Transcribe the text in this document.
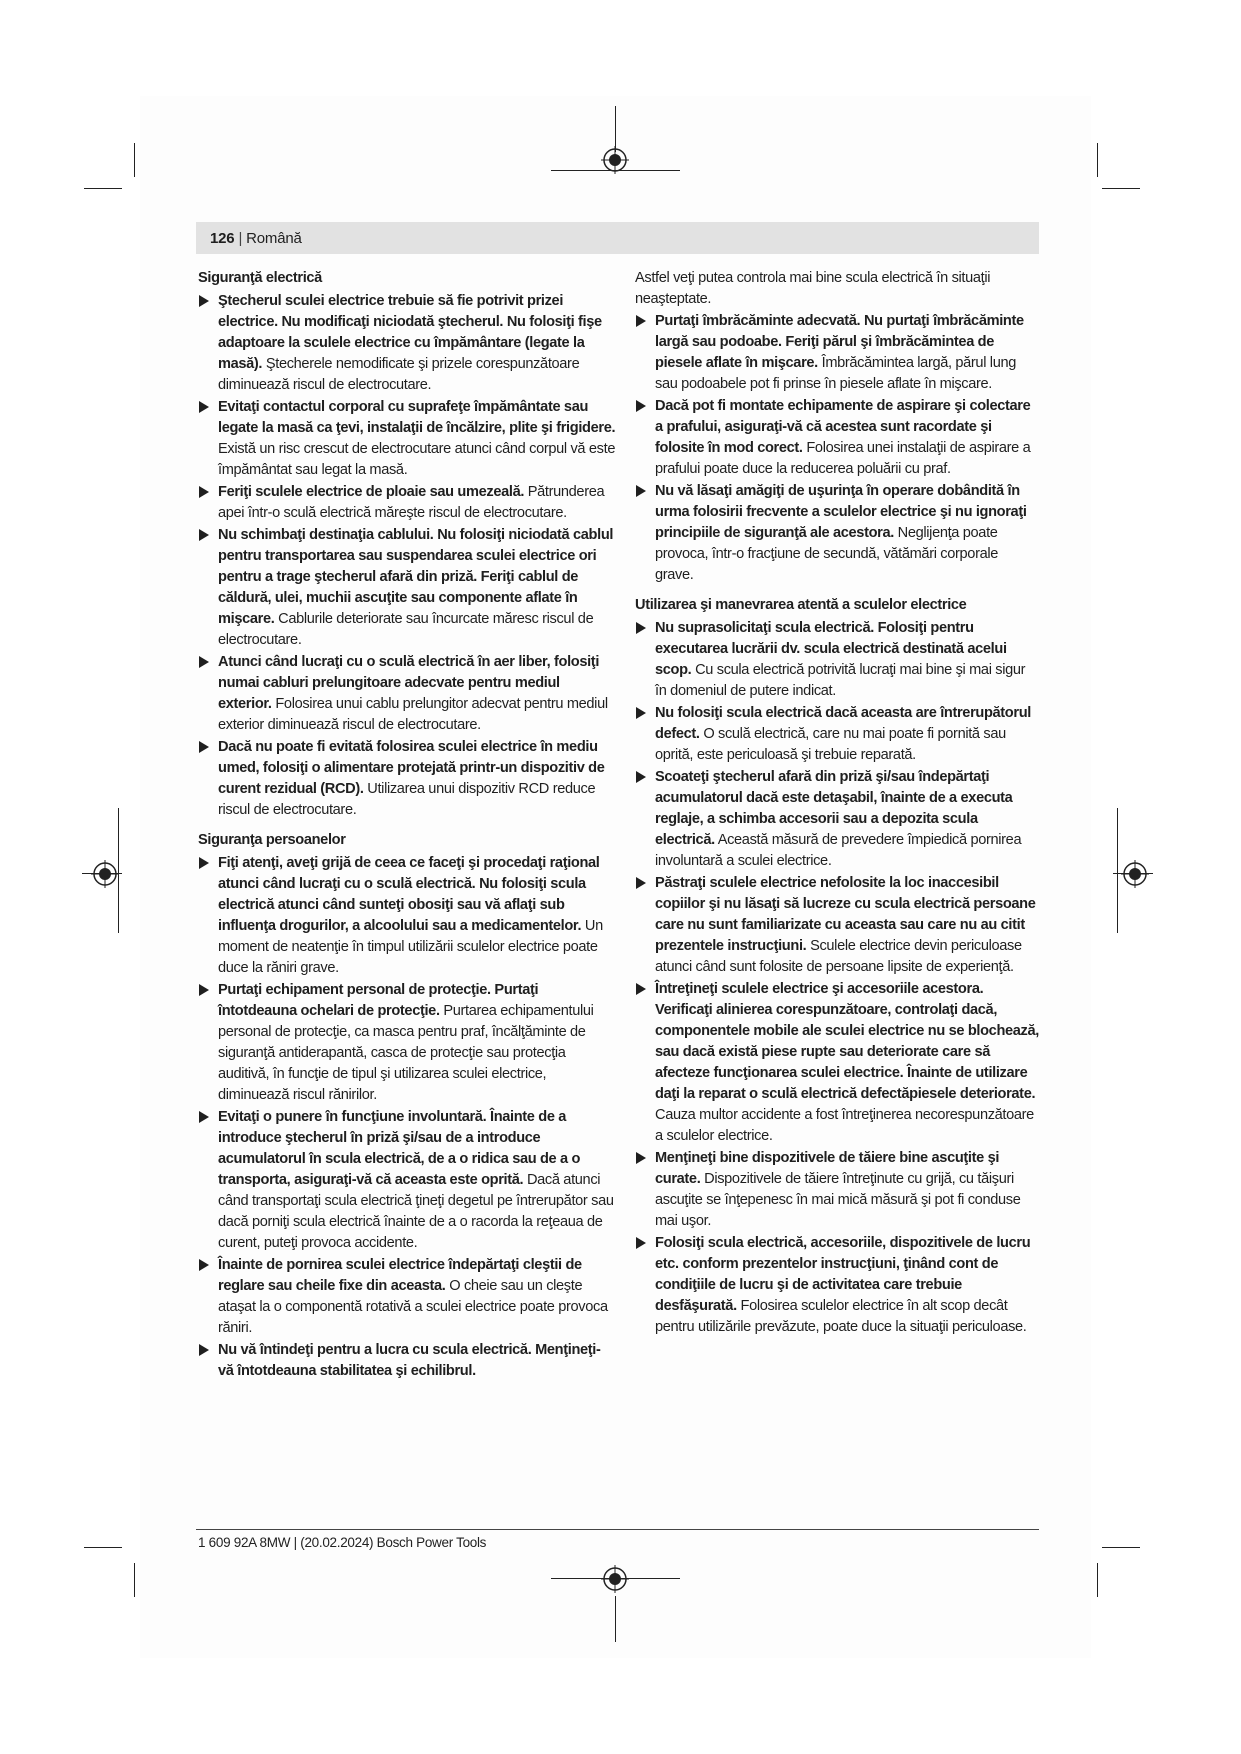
126 | Română
Siguranţă electrică
Ştecherul sculei electrice trebuie să fie potrivit prizei electrice. Nu modificaţi niciodată ştecherul. Nu folosiţi fişe adaptoare la sculele electrice cu împământare (legate la masă). Ştecherele nemodificate şi prizele corespunzătoare diminuează riscul de electrocutare.
Evitaţi contactul corporal cu suprafeţe împământate sau legate la masă ca ţevi, instalaţii de încălzire, plite şi frigidere. Există un risc crescut de electrocutare atunci când corpul vă este împământat sau legat la masă.
Feriţi sculele electrice de ploaie sau umezeală. Pătrunderea apei într-o sculă electrică măreşte riscul de electrocutare.
Nu schimbaţi destinaţia cablului. Nu folosiţi niciodată cablul pentru transportarea sau suspendarea sculei electrice ori pentru a trage ştecherul afară din priză. Feriţi cablul de căldură, ulei, muchii ascuţite sau componente aflate în mişcare. Cablurile deteriorate sau încurcate măresc riscul de electrocutare.
Atunci când lucraţi cu o sculă electrică în aer liber, folosiţi numai cabluri prelungitoare adecvate pentru mediul exterior. Folosirea unui cablu prelungitor adecvat pentru mediul exterior diminuează riscul de electrocutare.
Dacă nu poate fi evitată folosirea sculei electrice în mediu umed, folosiţi o alimentare protejată printr-un dispozitiv de curent rezidual (RCD). Utilizarea unui dispozitiv RCD reduce riscul de electrocutare.
Siguranţa persoanelor
Fiţi atenţi, aveţi grijă de ceea ce faceţi şi procedaţi raţional atunci când lucraţi cu o sculă electrică. Nu folosiţi scula electrică atunci când sunteţi obosiţi sau vă aflaţi sub influenţa drogurilor, a alcoolului sau a medicamentelor. Un moment de neatenţie în timpul utilizării sculelor electrice poate duce la răniri grave.
Purtaţi echipament personal de protecţie. Purtaţi întotdeauna ochelari de protecţie. Purtarea echipamentului personal de protecţie, ca masca pentru praf, încălţăminte de siguranţă antiderapantă, casca de protecţie sau protecţia auditivă, în funcţie de tipul şi utilizarea sculei electrice, diminuează riscul rănirilor.
Evitaţi o punere în funcţiune involuntară. Înainte de a introduce ştecherul în priză şi/sau de a introduce acumulatorul în scula electrică, de a o ridica sau de a o transporta, asiguraţi-vă că aceasta este oprită. Dacă atunci când transportaţi scula electrică ţineţi degetul pe întrerupător sau dacă porniţi scula electrică înainte de a o racorda la reţeaua de curent, puteţi provoca accidente.
Înainte de pornirea sculei electrice îndepărtaţi cleştii de reglare sau cheile fixe din aceasta. O cheie sau un cleşte ataşat la o componentă rotativă a sculei electrice poate provoca răniri.
Nu vă întindeţi pentru a lucra cu scula electrică. Menţineţi-vă întotdeauna stabilitatea şi echilibrul.
Astfel veţi putea controla mai bine scula electrică în situaţii neaşteptate.
Purtaţi îmbrăcăminte adecvată. Nu purtaţi îmbrăcăminte largă sau podoabe. Feriţi părul şi îmbrăcămintea de piesele aflate în mişcare. Îmbrăcămintea largă, părul lung sau podoabele pot fi prinse în piesele aflate în mişcare.
Dacă pot fi montate echipamente de aspirare şi colectare a prafului, asiguraţi-vă că acestea sunt racordate şi folosite în mod corect. Folosirea unei instalaţii de aspirare a prafului poate duce la reducerea poluării cu praf.
Nu vă lăsaţi amăgiţi de uşurinţa în operare dobândită în urma folosirii frecvente a sculelor electrice şi nu ignoraţi principiile de siguranţă ale acestora. Neglijenţa poate provoca, într-o fracţiune de secundă, vătămări corporale grave.
Utilizarea şi manevrarea atentă a sculelor electrice
Nu suprasolicitaţi scula electrică. Folosiţi pentru executarea lucrării dv. scula electrică destinată acelui scop. Cu scula electrică potrivită lucraţi mai bine şi mai sigur în domeniul de putere indicat.
Nu folosiţi scula electrică dacă aceasta are întrerupătorul defect. O sculă electrică, care nu mai poate fi pornită sau oprită, este periculoasă şi trebuie reparată.
Scoateţi ştecherul afară din priză şi/sau îndepărtaţi acumulatorul dacă este detaşabil, înainte de a executa reglaje, a schimba accesorii sau a depozita scula electrică. Această măsură de prevedere împiedică pornirea involuntară a sculei electrice.
Păstraţi sculele electrice nefolosite la loc inaccesibil copiilor şi nu lăsaţi să lucreze cu scula electrică persoane care nu sunt familiarizate cu aceasta sau care nu au citit prezentele instrucţiuni. Sculele electrice devin periculoase atunci când sunt folosite de persoane lipsite de experienţă.
Întreţineţi sculele electrice şi accesoriile acestora. Verificaţi alinierea corespunzătoare, controlaţi dacă, componentele mobile ale sculei electrice nu se blochează, sau dacă există piese rupte sau deteriorate care să afecteze funcţionarea sculei electrice. Înainte de utilizare daţi la reparat o sculă electrică defectăpiesele deteriorate. Cauza multor accidente a fost întreţinerea necorespunzătoare a sculelor electrice.
Menţineţi bine dispozitivele de tăiere bine ascuţite şi curate. Dispozitivele de tăiere întreţinute cu grijă, cu tăişuri ascuţite se înţepenesc în mai mică măsură şi pot fi conduse mai uşor.
Folosiţi scula electrică, accesoriile, dispozitivele de lucru etc. conform prezentelor instrucţiuni, ţinând cont de condiţiile de lucru şi de activitatea care trebuie desfăşurată. Folosirea sculelor electrice în alt scop decât pentru utilizările prevăzute, poate duce la situaţii periculoase.
1 609 92A 8MW | (20.02.2024) Bosch Power Tools
